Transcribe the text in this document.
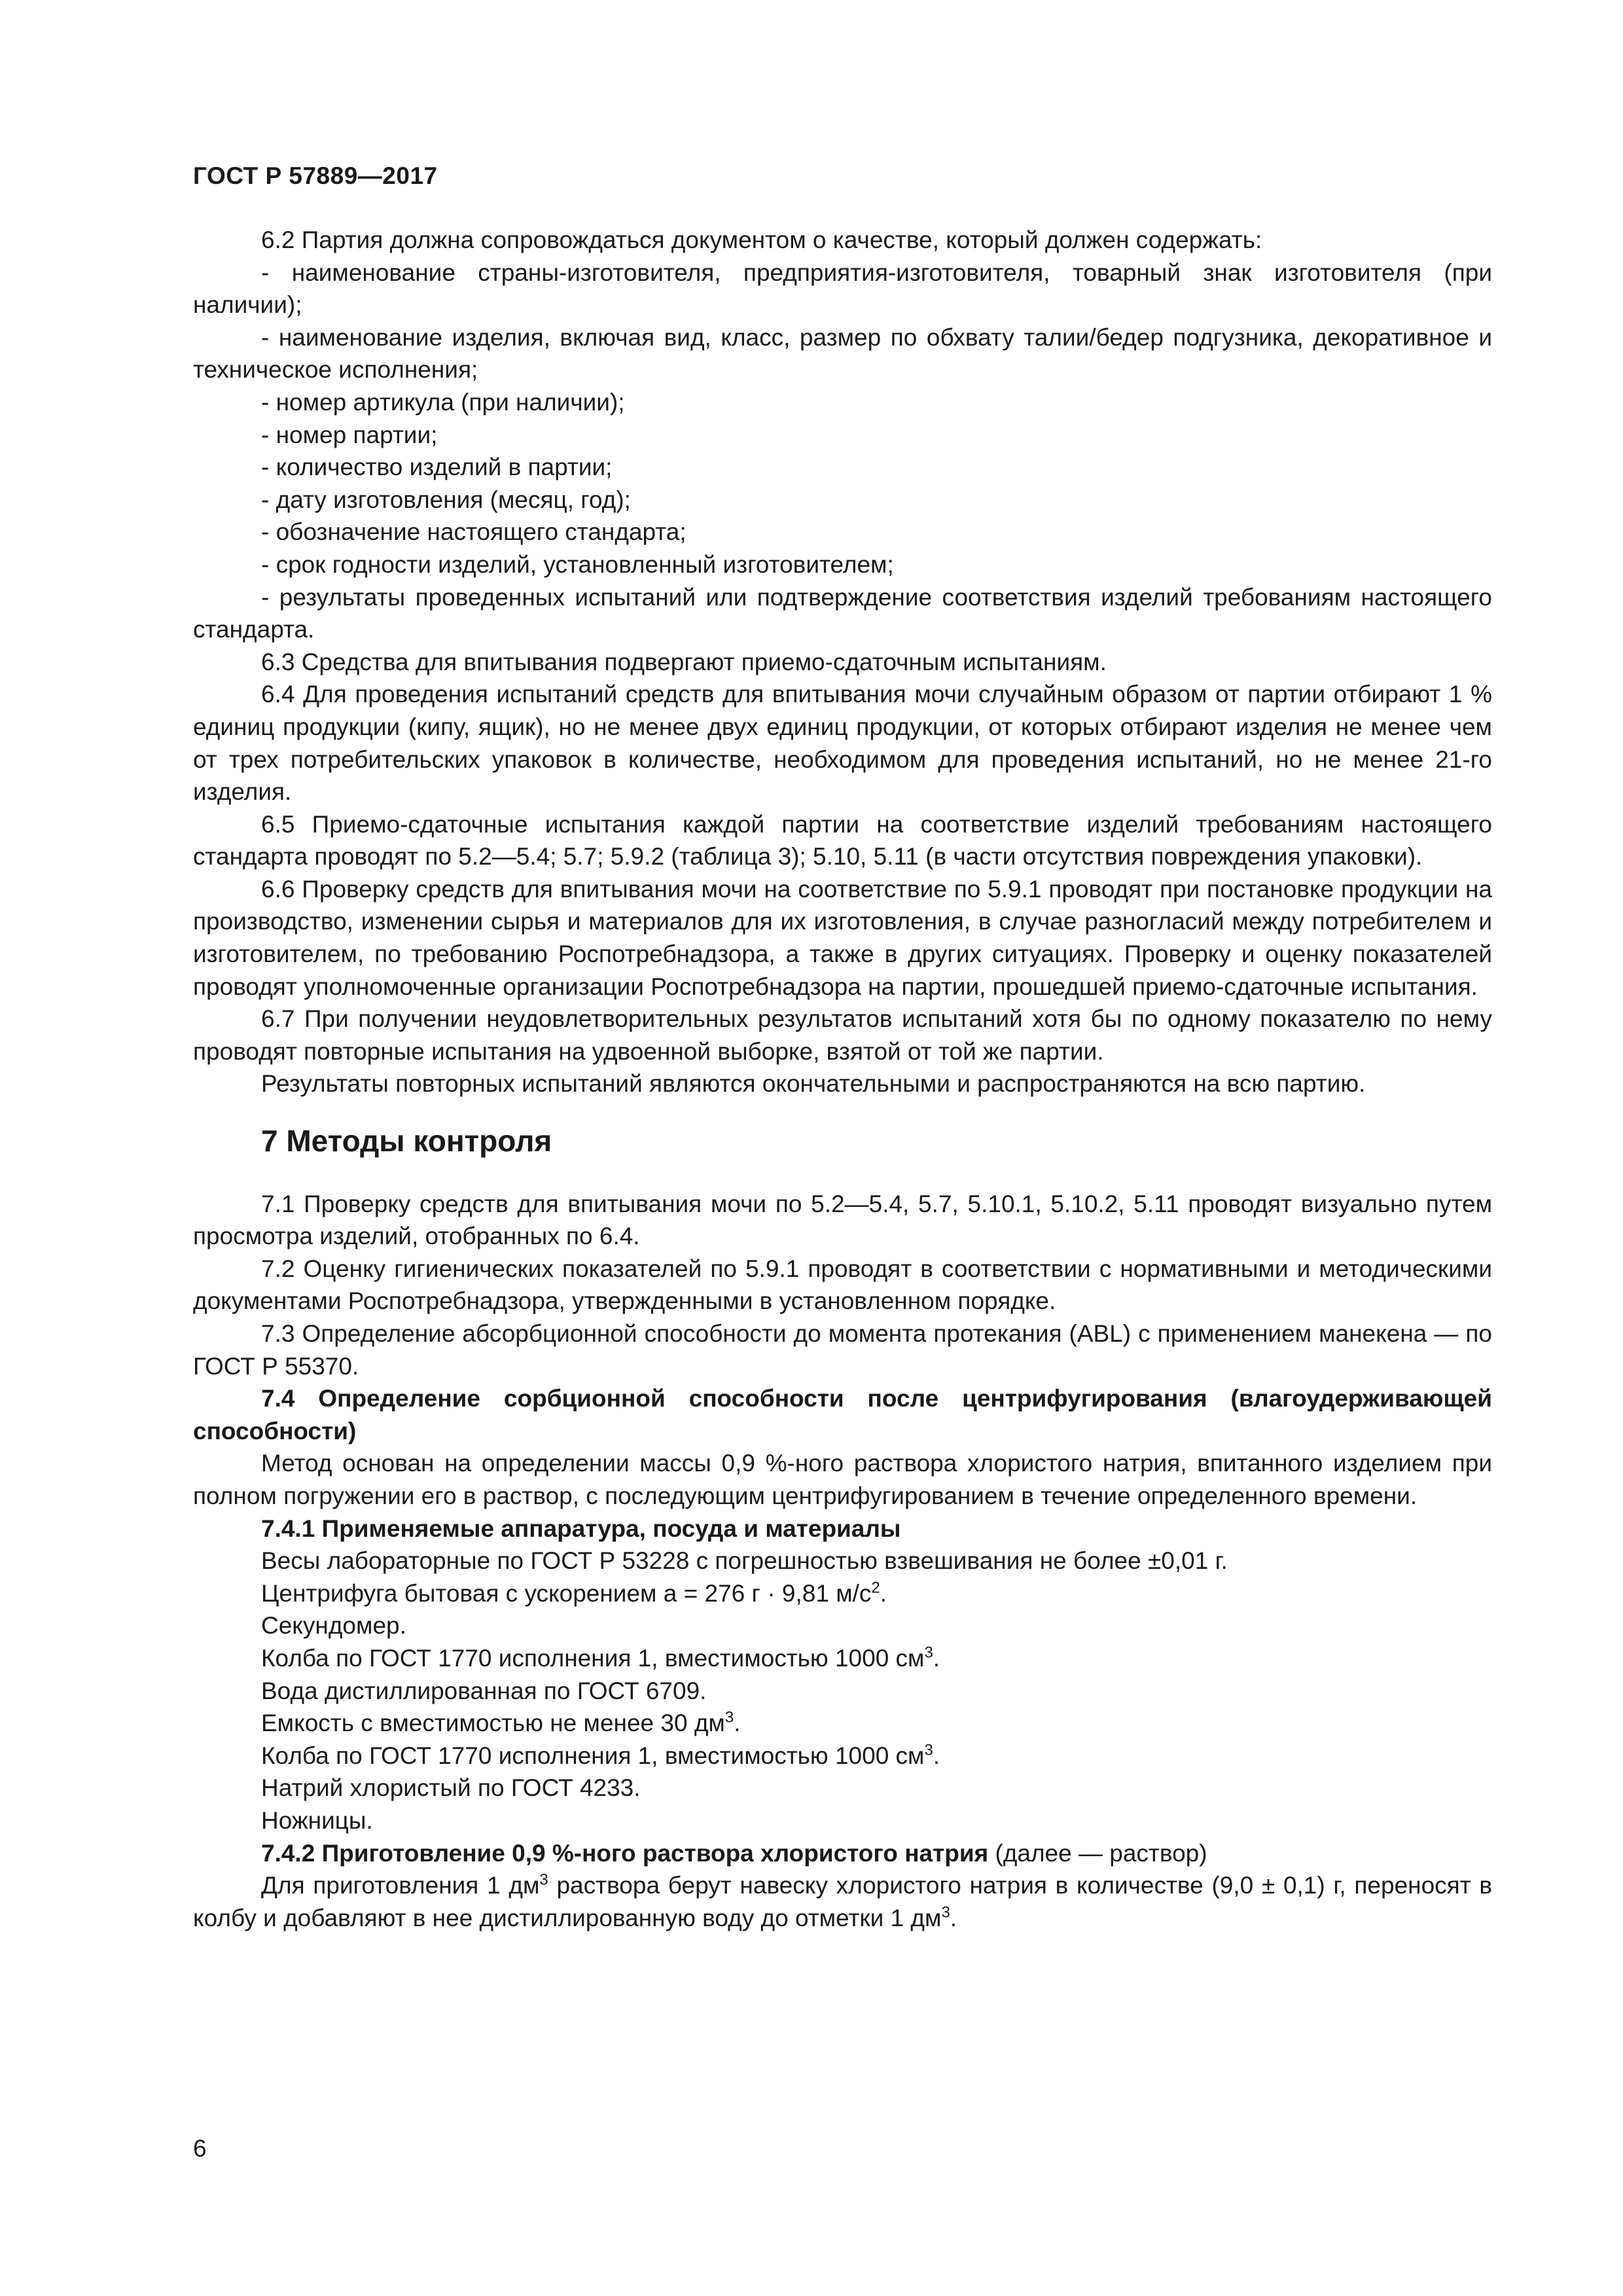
ГОСТ Р 57889—2017

6.2 Партия должна сопровождаться документом о качестве, который должен содержать:

- наименование страны-изготовителя, предприятия-изготовителя, товарный знак изготовителя (при наличии);

- наименование изделия, включая вид, класс, размер по обхвату талии/бедер подгузника, декоративное и техническое исполнения;

- номер артикула (при наличии);

- номер партии;

- количество изделий в партии;

- дату изготовления (месяц, год);

- обозначение настоящего стандарта;

- срок годности изделий, установленный изготовителем;

- результаты проведенных испытаний или подтверждение соответствия изделий требованиям настоящего стандарта.

6.3 Средства для впитывания подвергают приемо-сдаточным испытаниям.

6.4 Для проведения испытаний средств для впитывания мочи случайным образом от партии отбирают 1 % единиц продукции (кипу, ящик), но не менее двух единиц продукции, от которых отбирают изделия не менее чем от трех потребительских упаковок в количестве, необходимом для проведения испытаний, но не менее 21-го изделия.

6.5 Приемо-сдаточные испытания каждой партии на соответствие изделий требованиям настоящего стандарта проводят по 5.2—5.4; 5.7; 5.9.2 (таблица 3); 5.10, 5.11 (в части отсутствия повреждения упаковки).

6.6 Проверку средств для впитывания мочи на соответствие по 5.9.1 проводят при постановке продукции на производство, изменении сырья и материалов для их изготовления, в случае разногласий между потребителем и изготовителем, по требованию Роспотребнадзора, а также в других ситуациях. Проверку и оценку показателей проводят уполномоченные организации Роспотребнадзора на партии, прошедшей приемо-сдаточные испытания.

6.7 При получении неудовлетворительных результатов испытаний хотя бы по одному показателю по нему проводят повторные испытания на удвоенной выборке, взятой от той же партии.

Результаты повторных испытаний являются окончательными и распространяются на всю партию.

7 Методы контроля

7.1 Проверку средств для впитывания мочи по 5.2—5.4, 5.7, 5.10.1, 5.10.2, 5.11 проводят визуально путем просмотра изделий, отобранных по 6.4.

7.2 Оценку гигиенических показателей по 5.9.1 проводят в соответствии с нормативными и методическими документами Роспотребнадзора, утвержденными в установленном порядке.

7.3 Определение абсорбционной способности до момента протекания (ABL) с применением манекена — по ГОСТ Р 55370.

7.4 Определение сорбционной способности после центрифугирования (влагоудерживающей способности)

Метод основан на определении массы 0,9 %-ного раствора хлористого натрия, впитанного изделием при полном погружении его в раствор, с последующим центрифугированием в течение определенного времени.

7.4.1 Применяемые аппаратура, посуда и материалы

Весы лабораторные по ГОСТ Р 53228 с погрешностью взвешивания не более ±0,01 г.

Центрифуга бытовая с ускорением a = 276 г · 9,81 $м/с^2$.

Секундомер.

Колба по ГОСТ 1770 исполнения 1, вместимостью 1000 $см^3$.

Вода дистиллированная по ГОСТ 6709.

Емкость с вместимостью не менее 30 $дм^3$.

Колба по ГОСТ 1770 исполнения 1, вместимостью 1000 $см^3$.

Натрий хлористый по ГОСТ 4233.

Ножницы.

7.4.2 Приготовление 0,9 %-ного раствора хлористого натрия (далее — раствор)

Для приготовления 1 $дм^3$ раствора берут навеску хлористого натрия в количестве (9,0 ± 0,1) г, переносят в колбу и добавляют в нее дистиллированную воду до отметки 1 $дм^3$.

6
